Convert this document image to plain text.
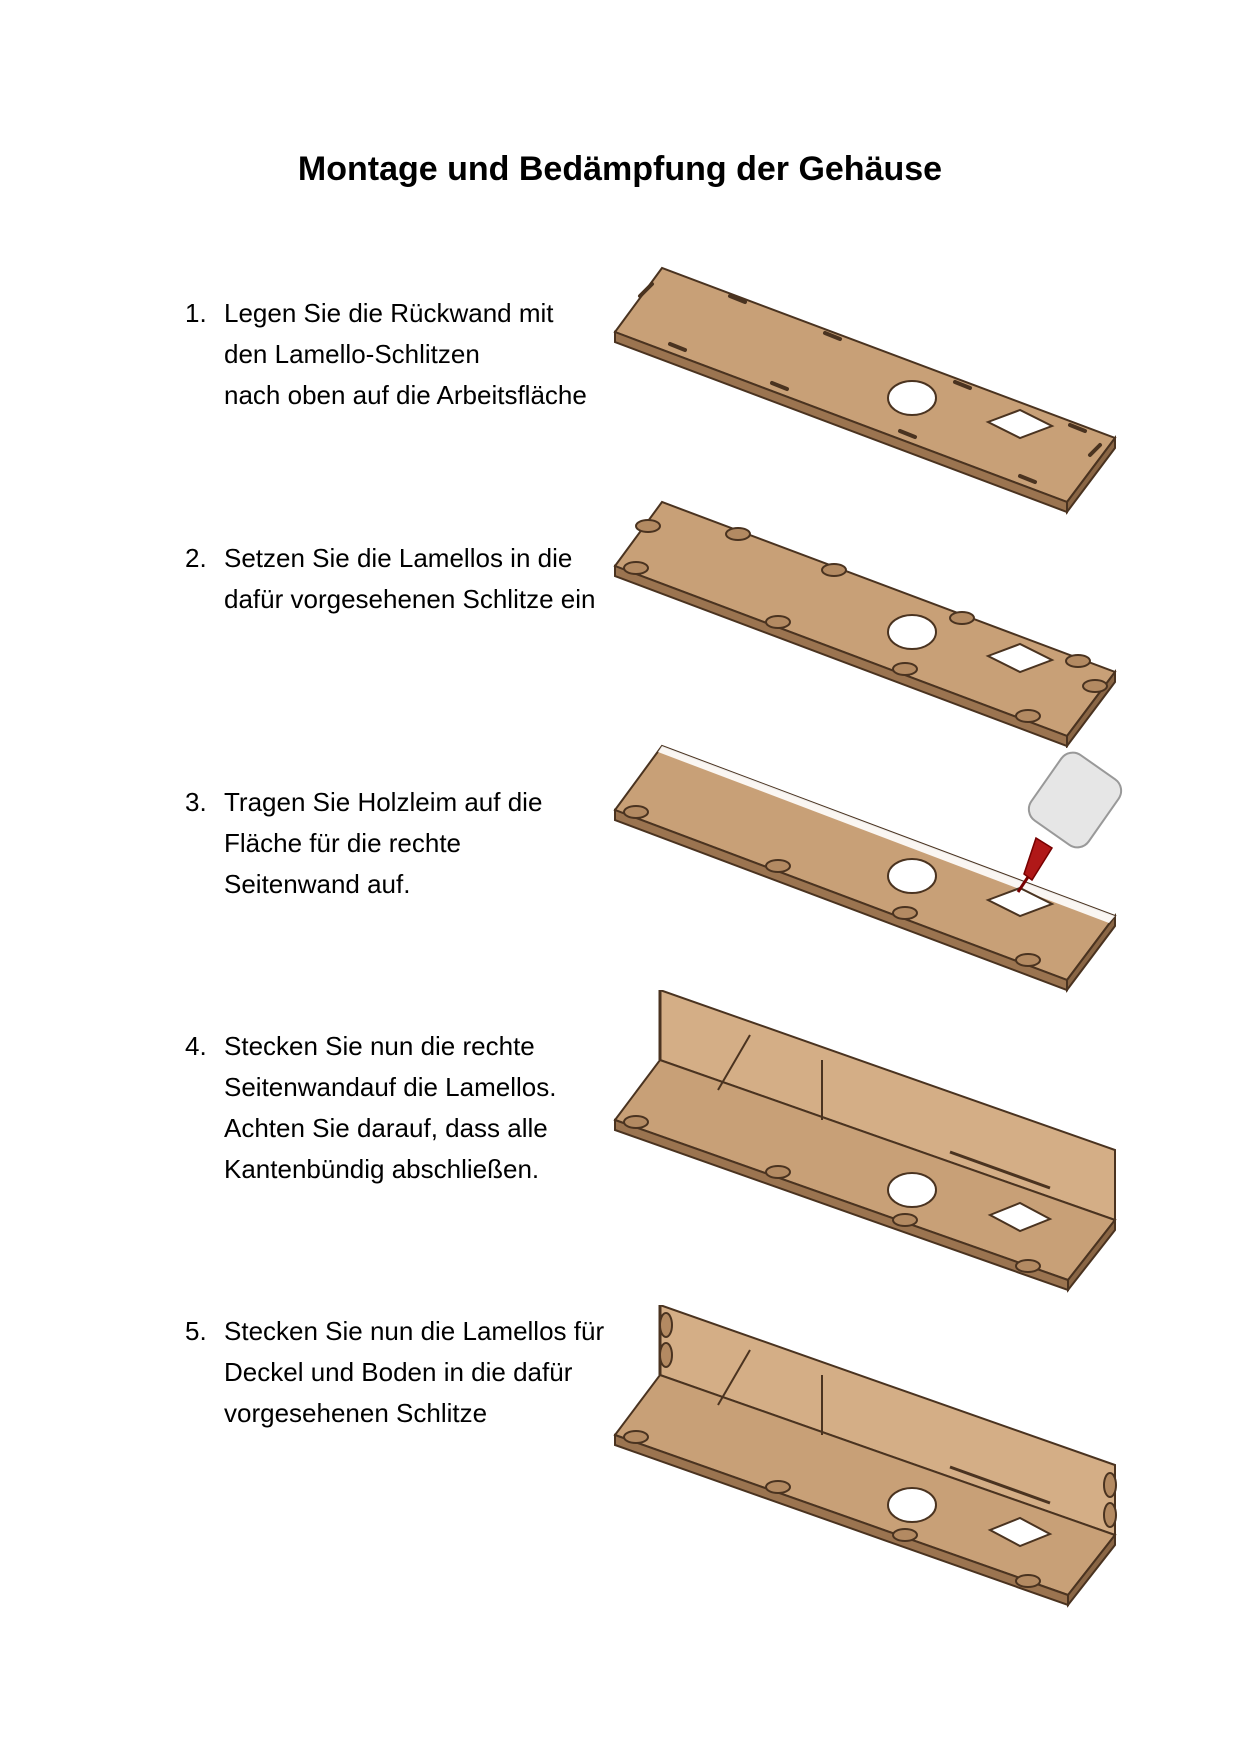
Montage und Bedämpfung der Gehäuse
1. Legen Sie die Rückwand mit
den Lamello-Schlitzen
nach oben auf die Arbeitsfläche
2. Setzen Sie die Lamellos in die
dafür vorgesehenen Schlitze ein
3. Tragen Sie Holzleim auf die
Fläche für die rechte
Seitenwand auf.
4. Stecken Sie nun die rechte
Seitenwandauf die Lamellos.
Achten Sie darauf, dass alle
Kantenbündig abschließen.
5. Stecken Sie nun die Lamellos für
Deckel und Boden in die dafür
vorgesehenen Schlitze
